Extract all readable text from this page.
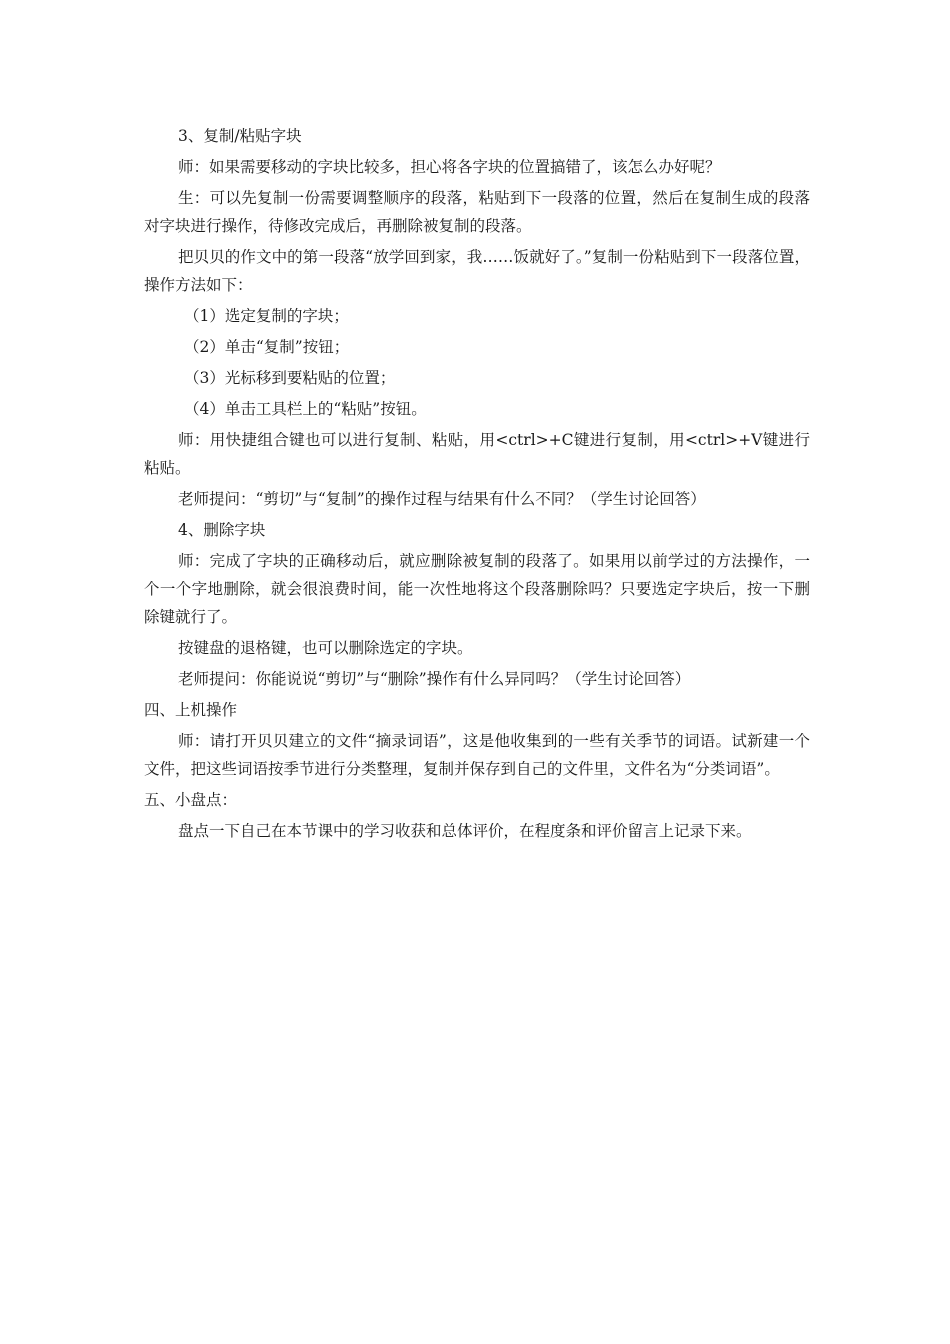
3、复制/粘贴字块

师：如果需要移动的字块比较多，担心将各字块的位置搞错了，该怎么办好呢？

生：可以先复制一份需要调整顺序的段落，粘贴到下一段落的位置，然后在复制生成的段落对字块进行操作，待修改完成后，再删除被复制的段落。

把贝贝的作文中的第一段落“放学回到家，我……饭就好了。”复制一份粘贴到下一段落位置，操作方法如下：

（1）选定复制的字块；

（2）单击“复制”按钮；

（3）光标移到要粘贴的位置；

（4）单击工具栏上的“粘贴”按钮。

师：用快捷组合键也可以进行复制、粘贴，用<ctrl>+C键进行复制，用<ctrl>+V键进行粘贴。

老师提问：“剪切”与“复制”的操作过程与结果有什么不同？（学生讨论回答）

4、删除字块

师：完成了字块的正确移动后，就应删除被复制的段落了。如果用以前学过的方法操作，一个一个字地删除，就会很浪费时间，能一次性地将这个段落删除吗？只要选定字块后，按一下删除键就行了。

按键盘的退格键，也可以删除选定的字块。

老师提问：你能说说“剪切”与“删除”操作有什么异同吗？（学生讨论回答）

四、上机操作

师：请打开贝贝建立的文件“摘录词语”，这是他收集到的一些有关季节的词语。试新建一个文件，把这些词语按季节进行分类整理，复制并保存到自己的文件里，文件名为“分类词语”。

五、小盘点：

盘点一下自己在本节课中的学习收获和总体评价，在程度条和评价留言上记录下来。
